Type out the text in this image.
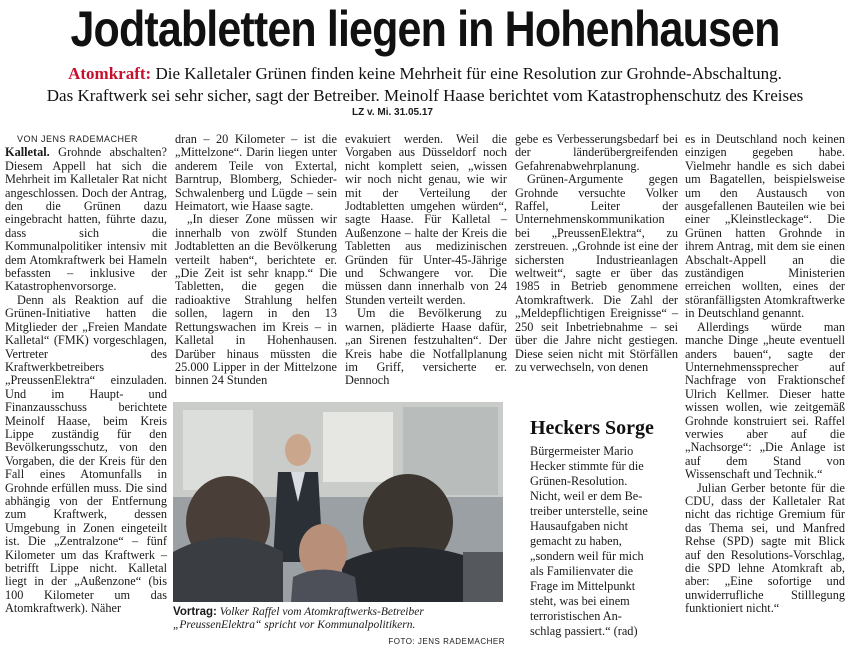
Jodtabletten liegen in Hohenhausen
Atomkraft: Die Kalletaler Grünen finden keine Mehrheit für eine Resolution zur Grohnde-Abschaltung.
Das Kraftwerk sei sehr sicher, sagt der Betreiber. Meinolf Haase berichtet vom Katastrophenschutz des Kreises
LZ v. Mi. 31.05.17

VON JENS RADEMACHER

Kalletal. Grohnde abschalten? Diesem Appell hat sich die Mehrheit im Kalletaler Rat nicht angeschlossen. Doch der Antrag, den die Grünen dazu eingebracht hatten, führte dazu, dass sich die Kommunalpolitiker intensiv mit dem Atomkraftwerk bei Hameln befassten – inklusive der Katastrophenvorsorge.

Denn als Reaktion auf die Grünen-Initiative hatten die Mitglieder der „Freien Mandate Kalletal“ (FMK) vorgeschlagen, Vertreter des Kraftwerkbetreibers „PreussenElektra“ einzuladen. Und im Haupt- und Finanzausschuss berichtete Meinolf Haase, beim Kreis Lippe zuständig für den Bevölkerungsschutz, von den Vorgaben, die der Kreis für den Fall eines Atomunfalls in Grohnde erfüllen muss. Die sind abhängig von der Entfernung zum Kraftwerk, dessen Umgebung in Zonen eingeteilt ist. Die „Zentralzone“ – fünf Kilometer um das Kraftwerk – betrifft Lippe nicht. Kalletal liegt in der „Außenzone“ (bis 100 Kilometer um das Atomkraftwerk). Näher

dran – 20 Kilometer – ist die „Mittelzone“. Darin liegen unter anderem Teile von Extertal, Barntrup, Blomberg, Schieder-Schwalenberg und Lügde – sein Heimatort, wie Haase sagte.

„In dieser Zone müssen wir innerhalb von zwölf Stunden Jodtabletten an die Bevölkerung verteilt haben“, berichtete er. „Die Zeit ist sehr knapp.“ Die Tabletten, die gegen die radioaktive Strahlung helfen sollen, lagern in den 13 Rettungswachen im Kreis – in Kalletal in Hohenhausen. Darüber hinaus müssten die 25.000 Lipper in der Mittelzone binnen 24 Stunden

evakuiert werden. Weil die Vorgaben aus Düsseldorf noch nicht komplett seien, „wissen wir noch nicht genau, wie wir mit der Verteilung der Jodtabletten umgehen würden“, sagte Haase. Für Kalletal – Außenzone – halte der Kreis die Tabletten aus medizinischen Gründen für Unter-45-Jährige und Schwangere vor. Die müssen dann innerhalb von 24 Stunden verteilt werden.

Um die Bevölkerung zu warnen, plädierte Haase dafür, „an Sirenen festzuhalten“. Der Kreis habe die Notfallplanung im Griff, versicherte er. Dennoch

gebe es Verbesserungsbedarf bei der länderübergreifenden Gefahrenabwehrplanung.

Grünen-Argumente gegen Grohnde versuchte Volker Raffel, Leiter der Unternehmenskommunikation bei „PreussenElektra“, zu zerstreuen. „Grohnde ist eine der sichersten Industrieanlagen weltweit“, sagte er über das 1985 in Betrieb genommene Atomkraftwerk. Die Zahl der „Meldepflichtigen Ereignisse“ – 250 seit Inbetriebnahme – sei über die Jahre nicht gestiegen. Diese seien nicht mit Störfällen zu verwechseln, von denen

es in Deutschland noch keinen einzigen gegeben habe. Vielmehr handle es sich dabei um Bagatellen, beispielsweise um den Austausch von ausgefallenen Bauteilen wie bei einer „Kleinstleckage“. Die Grünen hatten Grohnde in ihrem Antrag, mit dem sie einen Abschalt-Appell an die zuständigen Ministerien erreichen wollten, eines der störanfälligsten Atomkraftwerke in Deutschland genannt.

Allerdings würde man manche Dinge „heute eventuell anders bauen“, sagte der Unternehmenssprecher auf Nachfrage von Fraktionschef Ulrich Kellmer. Dieser hatte wissen wollen, wie zeitgemäß Grohnde konstruiert sei. Raffel verwies aber auf die „Nachsorge“: „Die Anlage ist auf dem Stand von Wissenschaft und Technik.“

Julian Gerber betonte für die CDU, dass der Kalletaler Rat nicht das richtige Gremium für das Thema sei, und Manfred Rehse (SPD) sagte mit Blick auf den Resolutions-Vorschlag, die SPD lehne Atomkraft ab, aber: „Eine sofortige und unwiderrufliche Stilllegung funktioniert nicht.“

Vortrag: Volker Raffel vom Atomkraftwerks-Betreiber „PreussenElektra“ spricht vor Kommunalpolitikern.
FOTO: JENS RADEMACHER
Heckers Sorge

Bürgermeister Mario
Hecker stimmte für die
Grünen-Resolution.
Nicht, weil er dem Be-
treiber unterstelle, seine
Hausaufgaben nicht
gemacht zu haben,
„sondern weil für mich
als Familienvater die
Frage im Mittelpunkt
steht, was bei einem
terroristischen An-
schlag passiert.“ (rad)
